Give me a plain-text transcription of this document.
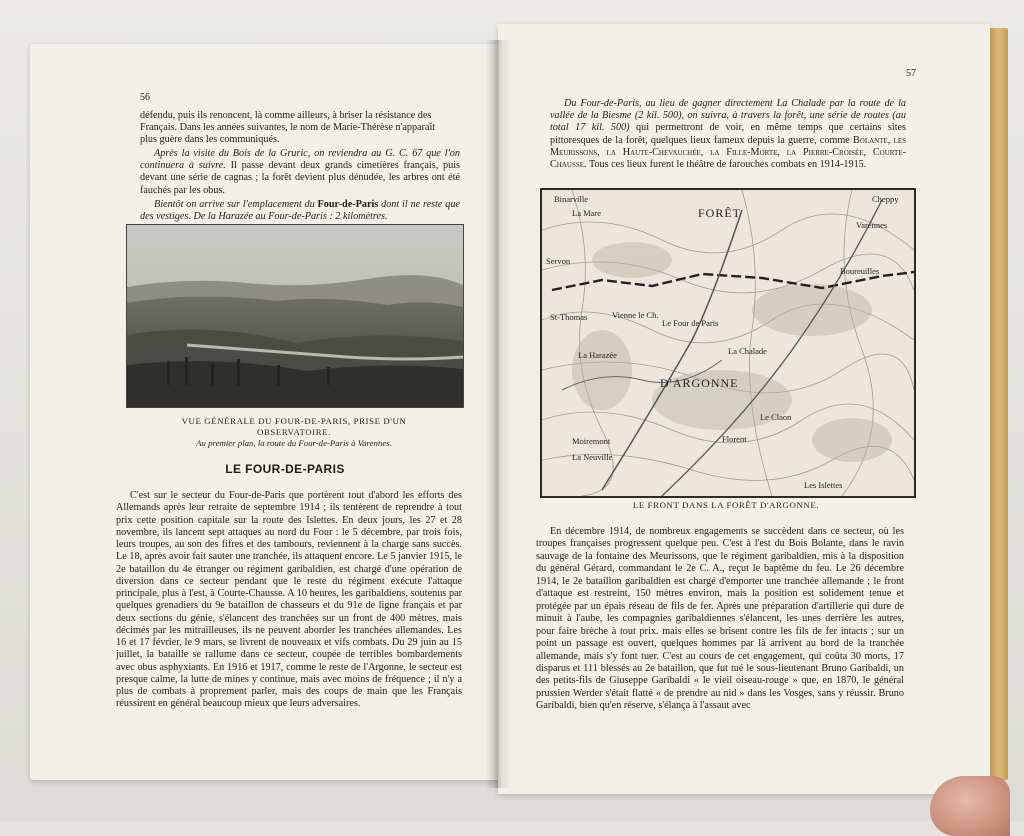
56
défendu, puis ils renoncent, là comme ailleurs, à briser la résistance des
Français. Dans les années suivantes, le nom de Marie-Thérèse n'apparaît
plus guère dans les communiqués.

Après la visite du Bois de la Gruric, on reviendra au G. C. 67 que l'on continuera à suivre. Il passe devant deux grands cimetières français, puis devant une série de cagnas ; la forêt devient plus dénudée, les arbres ont été fauchés par les obus.

Bientôt on arrive sur l'emplacement du Four-de-Paris dont il ne reste que des vestiges. De la Harazée au Four-de-Paris : 2 kilomètres.

VUE GÉNÉRALE DU FOUR-DE-PARIS, PRISE D'UN OBSERVATOIRE.
Au premier plan, la route du Four-de-Paris à Varennes.
LE FOUR-DE-PARIS

C'est sur le secteur du Four-de-Paris que portèrent tout d'abord les efforts des Allemands après leur retraite de septembre 1914 ; ils tentèrent de reprendre à tout prix cette position capitale sur la route des Islettes. En deux jours, les 27 et 28 novembre, ils lancent sept attaques au nord du Four : le 5 décembre, par trois fois, leurs troupes, au son des fifres et des tambours, reviennent à la charge sans succès. Le 18, après avoir fait sauter une tranchée, ils attaquent encore. Le 5 janvier 1915, le 2e bataillon du 4e étranger ou régiment garibaldien, est chargé d'une opération de diversion dans ce secteur pendant que le reste du régiment exécute l'attaque principale, plus à l'est, à Courte-Chausse. A 10 heures, les garibaldiens, soutenus par quelques grenadiers du 9e bataillon de chasseurs et du 91e de ligne français et par deux sections du génie, s'élancent des tranchées sur un front de 400 mètres, mais décimés par les mitrailleuses, ils ne peuvent aborder les tranchées allemandes. Les 16 et 17 février, le 9 mars, se livrent de nouveaux et vifs combats. Du 29 juin au 15 juillet, la bataille se rallume dans ce secteur, coupée de terribles bombardements avec obus asphyxiants. En 1916 et 1917, comme le reste de l'Argonne, le secteur est presque calme, la lutte de mines y continue, mais avec moins de fréquence ; il n'y a plus de combats à proprement parler, mais des coups de main que les Français réussirent en général beaucoup mieux que leurs adversaires.

57

Du Four-de-Paris, au lieu de gagner directement La Chalade par la route de la vallée de la Biesme (2 kil. 500), on suivra, à travers la forêt, une série de routes (au total 17 kil. 500) qui permettront de voir, en même temps que certains sites pittoresques de la forêt, quelques lieux fameux depuis la guerre, comme Bolante, les Meurissons, la Haute-Chevauchée, la Fille-Morte, la Pierre-Croisée, Courte-Chausse. Tous ces lieux furent le théâtre de farouches combats en 1914-1915.

Binarville
La Mare	FORÊT
Cheppy
Varennes
Servon
Boureuilles
St-Thomas	Vienne le Ch.
Le Four de Paris
La Chalade
La Harazée
D'ARGONNE
Moiremont
La Neuville
Florent
Le Claon
Les Islettes
LE FRONT DANS LA FORÊT D'ARGONNE.

En décembre 1914, de nombreux engagements se succèdent dans ce secteur, où les troupes françaises progressent quelque peu. C'est à l'est du Bois Bolante, dans le ravin sauvage de la fontaine des Meurissons, que le régiment garibaldien, mis à la disposition du général Gérard, commandant le 2e C. A., reçut le baptême du feu. Le 26 décembre 1914, le 2e bataillon garibaldien est chargé d'emporter une tranchée allemande ; le front d'attaque est restreint, 150 mètres environ, mais la position est solidement tenue et protégée par un épais réseau de fils de fer. Après une préparation d'artillerie qui dure de minuit à l'aube, les compagnies garibaldiennes s'élancent, les unes derrière les autres, pour faire brèche à tout prix. mais elles se brisent contre les fils de fer intacts ; sur un point un passage est ouvert, quelques hommes par là arrivent au bord de la tranchée allemande, mais s'y font tuer. C'est au cours de cet engagement, qui coûta 30 morts, 17 disparus et 111 blessés au 2e bataillon, que fut tué le sous-lieutenant Bruno Garibaldi, un des petits-fils de Giuseppe Garibaldi « le vieil oiseau-rouge » que, en 1870, le général prussien Werder s'était flatté « de prendre au nid » dans les Vosges, sans y réussir. Bruno Garibaldi, bien qu'en réserve, s'élança à l'assaut avec
